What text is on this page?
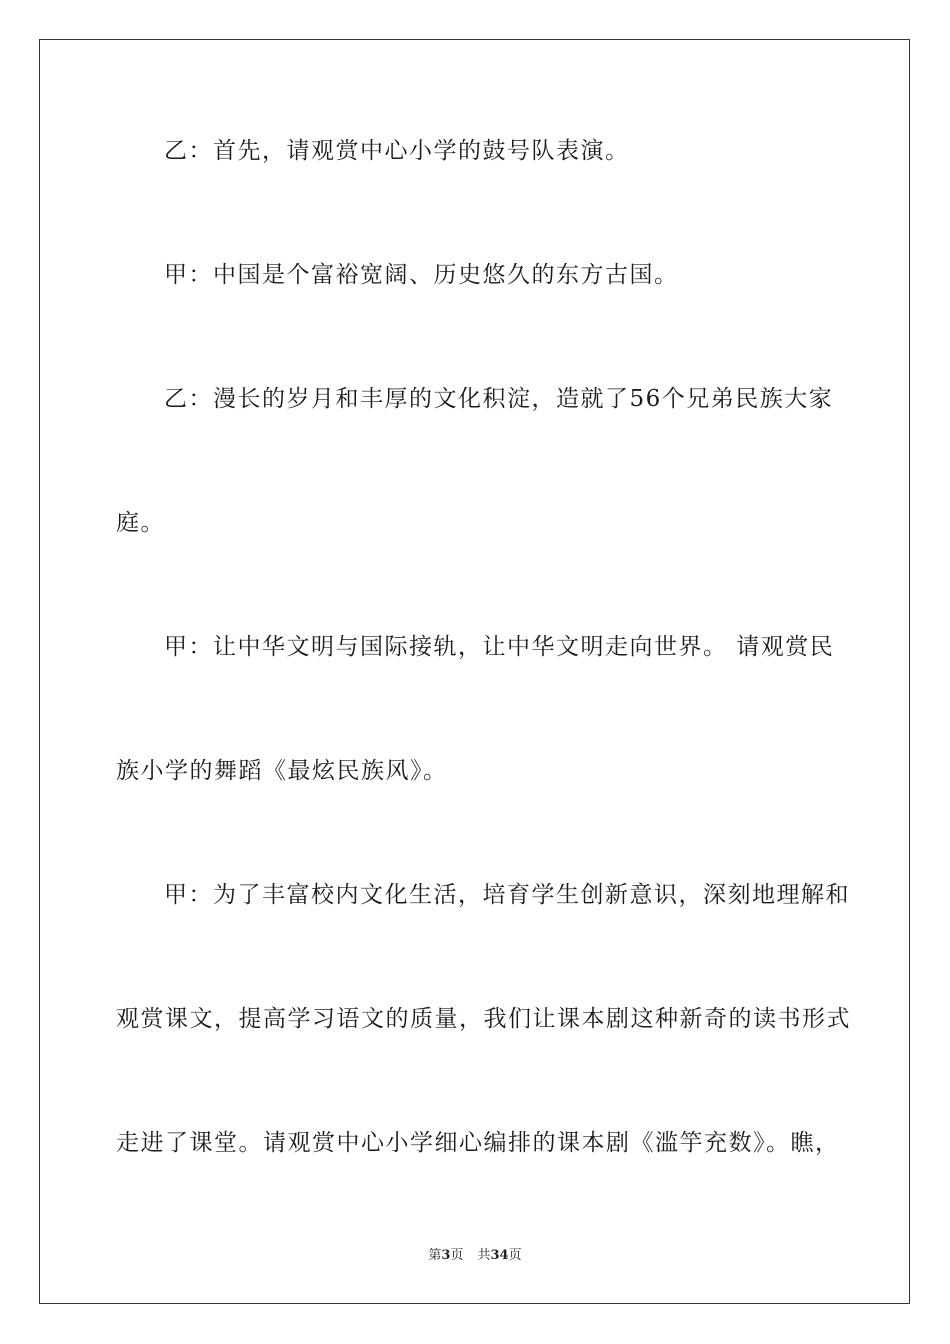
乙：首先，请观赏中心小学的鼓号队表演。
甲：中国是个富裕宽阔、历史悠久的东方古国。
乙：漫长的岁月和丰厚的文化积淀，造就了56个兄弟民族大家
庭。
甲：让中华文明与国际接轨，让中华文明走向世界。 请观赏民
族小学的舞蹈《最炫民族风》。
甲：为了丰富校内文化生活，培育学生创新意识，深刻地理解和
观赏课文，提高学习语文的质量，我们让课本剧这种新奇的读书形式
走进了课堂。请观赏中心小学细心编排的课本剧《滥竽充数》。瞧，
第3页 共34页
